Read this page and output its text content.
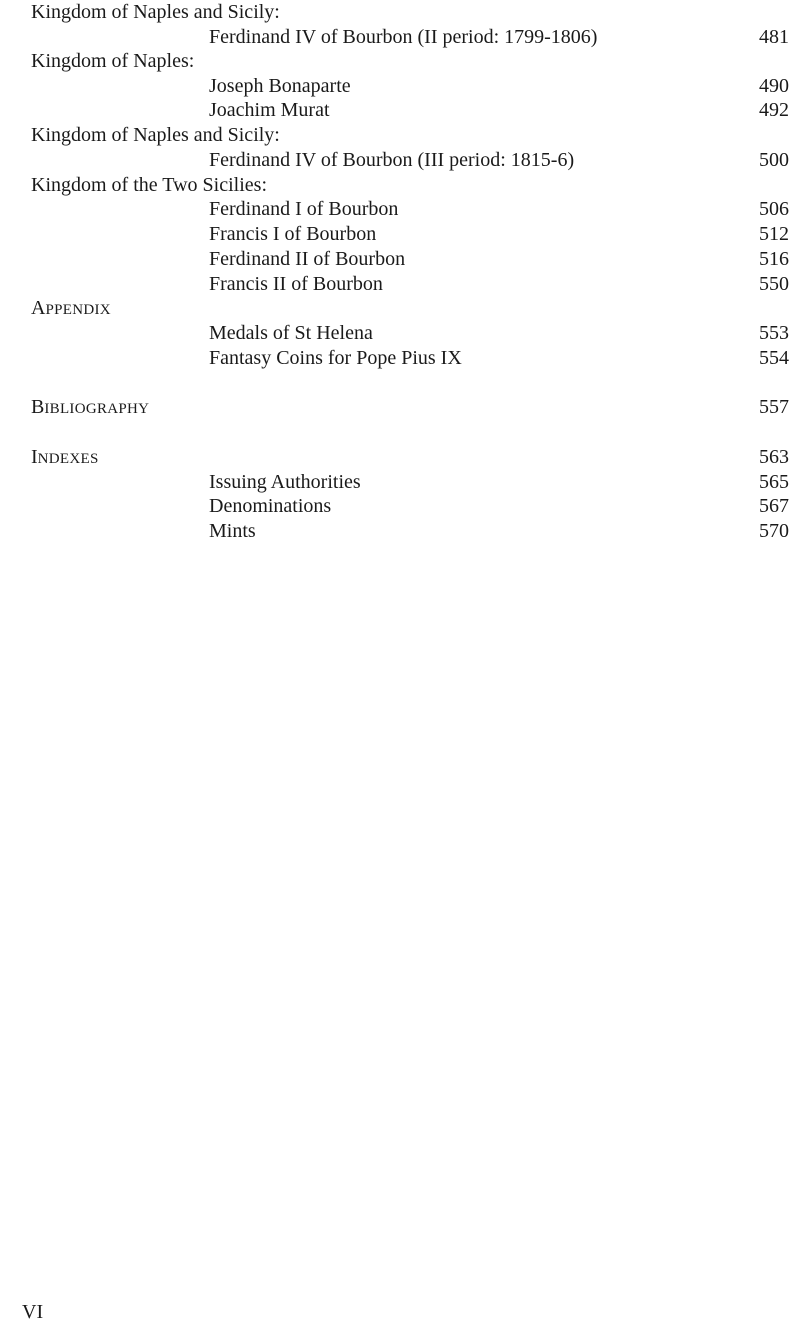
Kingdom of Naples and Sicily:
Ferdinand IV of Bourbon (II period: 1799-1806)	481
Kingdom of Naples:
Joseph Bonaparte	490
Joachim Murat	492
Kingdom of Naples and Sicily:
Ferdinand IV of Bourbon (III period: 1815-6)	500
Kingdom of the Two Sicilies:
Ferdinand I of Bourbon	506
Francis I of Bourbon	512
Ferdinand II of Bourbon	516
Francis II of Bourbon	550
APPENDIX
Medals of St Helena	553
Fantasy Coins for Pope Pius IX	554
BIBLIOGRAPHY	557
INDEXES	563
Issuing Authorities	565
Denominations	567
Mints	570
VI
